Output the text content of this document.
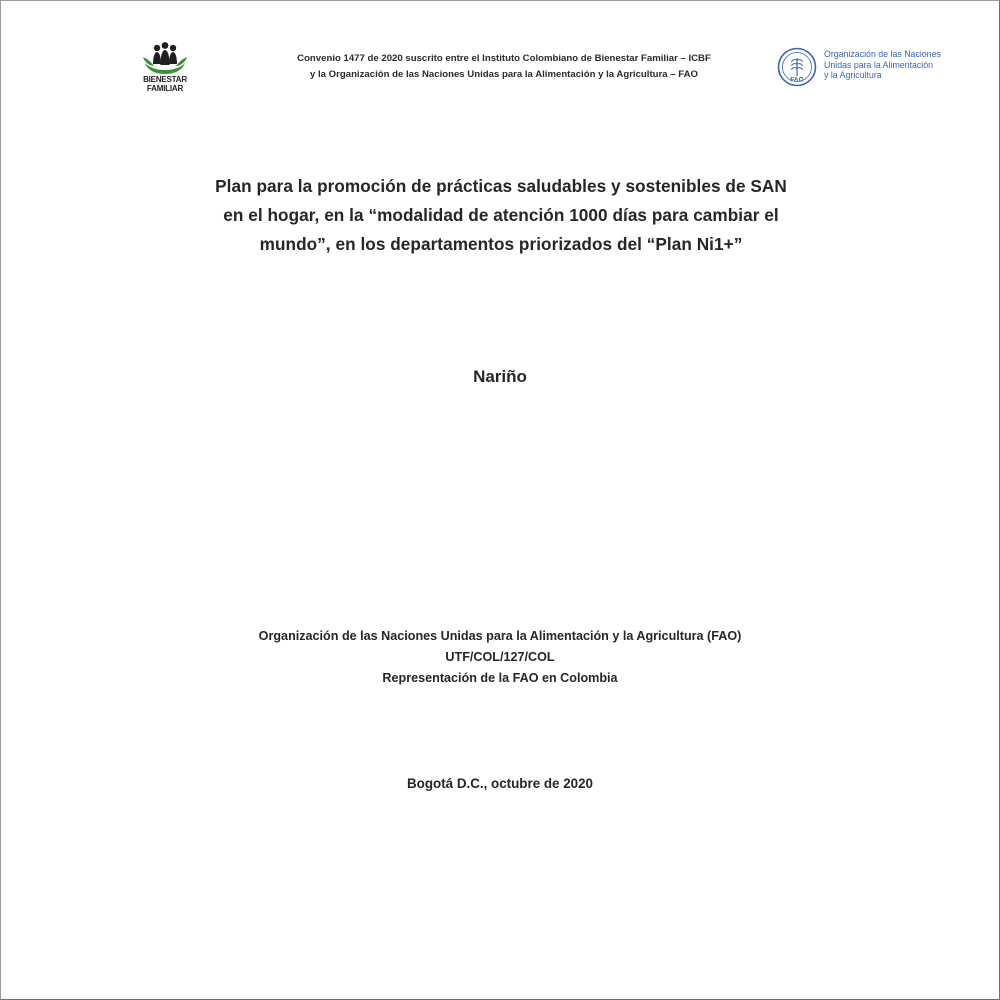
BIENESTAR
FAMILIAR
Convenio 1477 de 2020 suscrito entre el Instituto Colombiano de Bienestar Familiar – ICBF
y la Organización de las Naciones Unidas para la Alimentación y la Agricultura – FAO	FAO
Organización de las Naciones
Unidas para la Alimentación
y la Agricultura
Plan para la promoción de prácticas saludables y sostenibles de SAN
en el hogar, en la “modalidad de atención 1000 días para cambiar el
mundo”, en los departamentos priorizados del “Plan Ni1+”
Nariño
Organización de las Naciones Unidas para la Alimentación y la Agricultura (FAO)
UTF/COL/127/COL
Representación de la FAO en Colombia
Bogotá D.C., octubre de 2020
